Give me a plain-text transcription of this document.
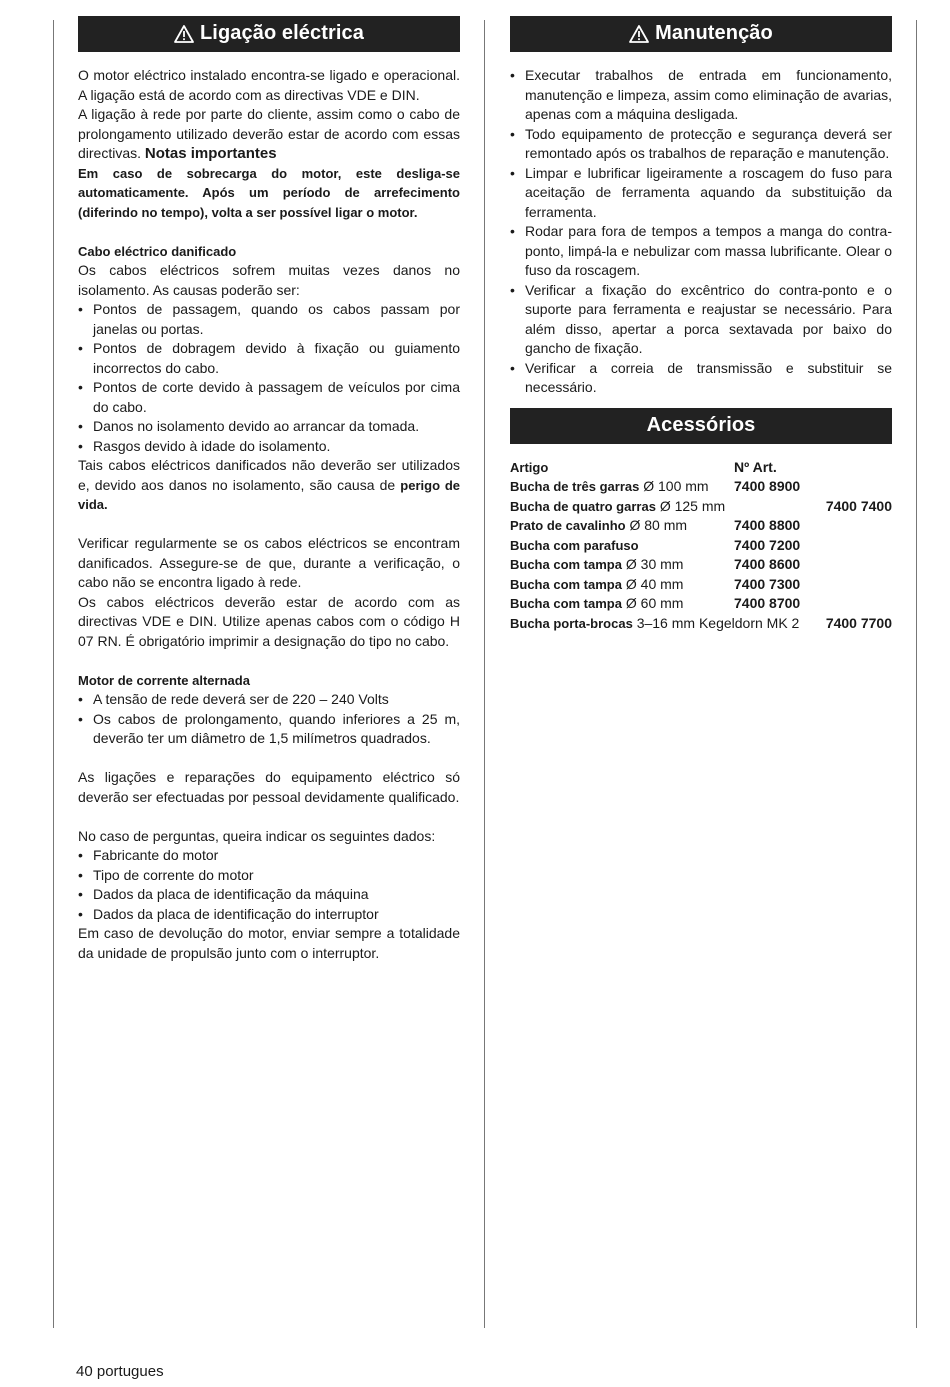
Ligação eléctrica

O motor eléctrico instalado encontra-se ligado e operacional. A ligação está de acordo com as directivas VDE e DIN.

A ligação à rede por parte do cliente, assim como o cabo de prolongamento utilizado deverão estar de acordo com essas directivas. Notas importantes

Em caso de sobrecarga do motor, este desliga-se automaticamente. Após um período de arrefecimento (diferindo no tempo), volta a ser possível ligar o motor.

Cabo eléctrico danificado

Os cabos eléctricos sofrem muitas vezes danos no isolamento. As causas poderão ser:

• Pontos de passagem, quando os cabos passam por janelas ou portas.
• Pontos de dobragem devido à fixação ou guiamento incorrectos do cabo.
• Pontos de corte devido à passagem de veículos por cima do cabo.
• Danos no isolamento devido ao arrancar da tomada.
• Rasgos devido à idade do isolamento.

Tais cabos eléctricos danificados não deverão ser utilizados e, devido aos danos no isolamento, são causa de perigo de vida.

Verificar regularmente se os cabos eléctricos se encontram danificados. Assegure-se de que, durante a verificação, o cabo não se encontra ligado à rede.

Os cabos eléctricos deverão estar de acordo com as directivas VDE e DIN. Utilize apenas cabos com o código H 07 RN. É obrigatório imprimir a designação do tipo no cabo.

Motor de corrente alternada

• A tensão de rede deverá ser de 220 – 240 Volts
• Os cabos de prolongamento, quando inferiores a 25 m, deverão ter um diâmetro de 1,5 milímetros quadrados.

As ligações e reparações do equipamento eléctrico só deverão ser efectuadas por pessoal devidamente qualificado.

No caso de perguntas, queira indicar os seguintes dados:

• Fabricante do motor
• Tipo de corrente do motor
• Dados da placa de identificação da máquina
• Dados da placa de identificação do interruptor

Em caso de devolução do motor, enviar sempre a totalidade da unidade de propulsão junto com o interruptor.

Manutenção
• Executar trabalhos de entrada em funcionamento, manutenção e limpeza, assim como eliminação de avarias, apenas com a máquina desligada.
• Todo equipamento de protecção e segurança deverá ser remontado após os trabalhos de reparação e manutenção.
• Limpar e lubrificar ligeiramente a roscagem do fuso para aceitação de ferramenta aquando da substituição da ferramenta.
• Rodar para fora de tempos a tempos a manga do contra-ponto, limpá-la e nebulizar com massa lubrificante. Olear o fuso da roscagem.
• Verificar a fixação do excêntrico do contra-ponto e o suporte para ferramenta e reajustar se necessário. Para além disso, apertar a porca sextavada por baixo do gancho de fixação.
• Verificar a correia de transmissão e substituir se necessário.
Acessórios
Artigo	Nº Art.
Bucha de três garras Ø 100 mm	7400 8900
Bucha de quatro garras Ø 125 mm 7400 7400	

Prato de cavalinho Ø 80 mm	7400 8800
Bucha com parafuso	7400 7200
Bucha com tampa Ø 30 mm	7400 8600
Bucha com tampa Ø 40 mm	7400 7300
Bucha com tampa Ø 60 mm	7400 8700
Bucha porta-brocas 3–16 mm Kegeldorn MK 2 7400 7700	
40 portugues
